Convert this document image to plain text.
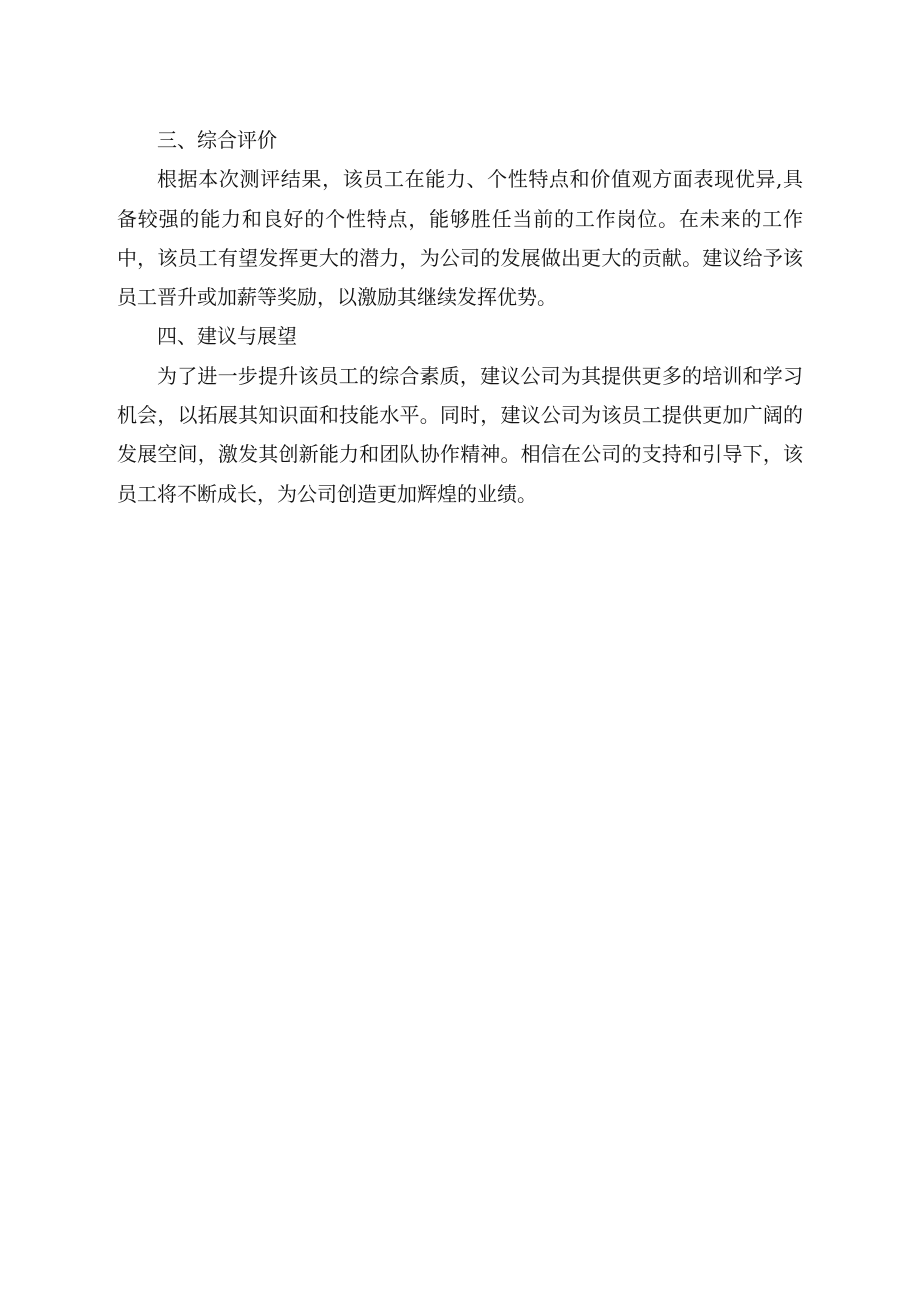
三、综合评价

根据本次测评结果，该员工在能力、个性特点和价值观方面表现优异,具备较强的能力和良好的个性特点，能够胜任当前的工作岗位。在未来的工作中，该员工有望发挥更大的潜力，为公司的发展做出更大的贡献。建议给予该员工晋升或加薪等奖励，以激励其继续发挥优势。

四、建议与展望

为了进一步提升该员工的综合素质，建议公司为其提供更多的培训和学习机会，以拓展其知识面和技能水平。同时，建议公司为该员工提供更加广阔的发展空间，激发其创新能力和团队协作精神。相信在公司的支持和引导下，该员工将不断成长，为公司创造更加辉煌的业绩。
